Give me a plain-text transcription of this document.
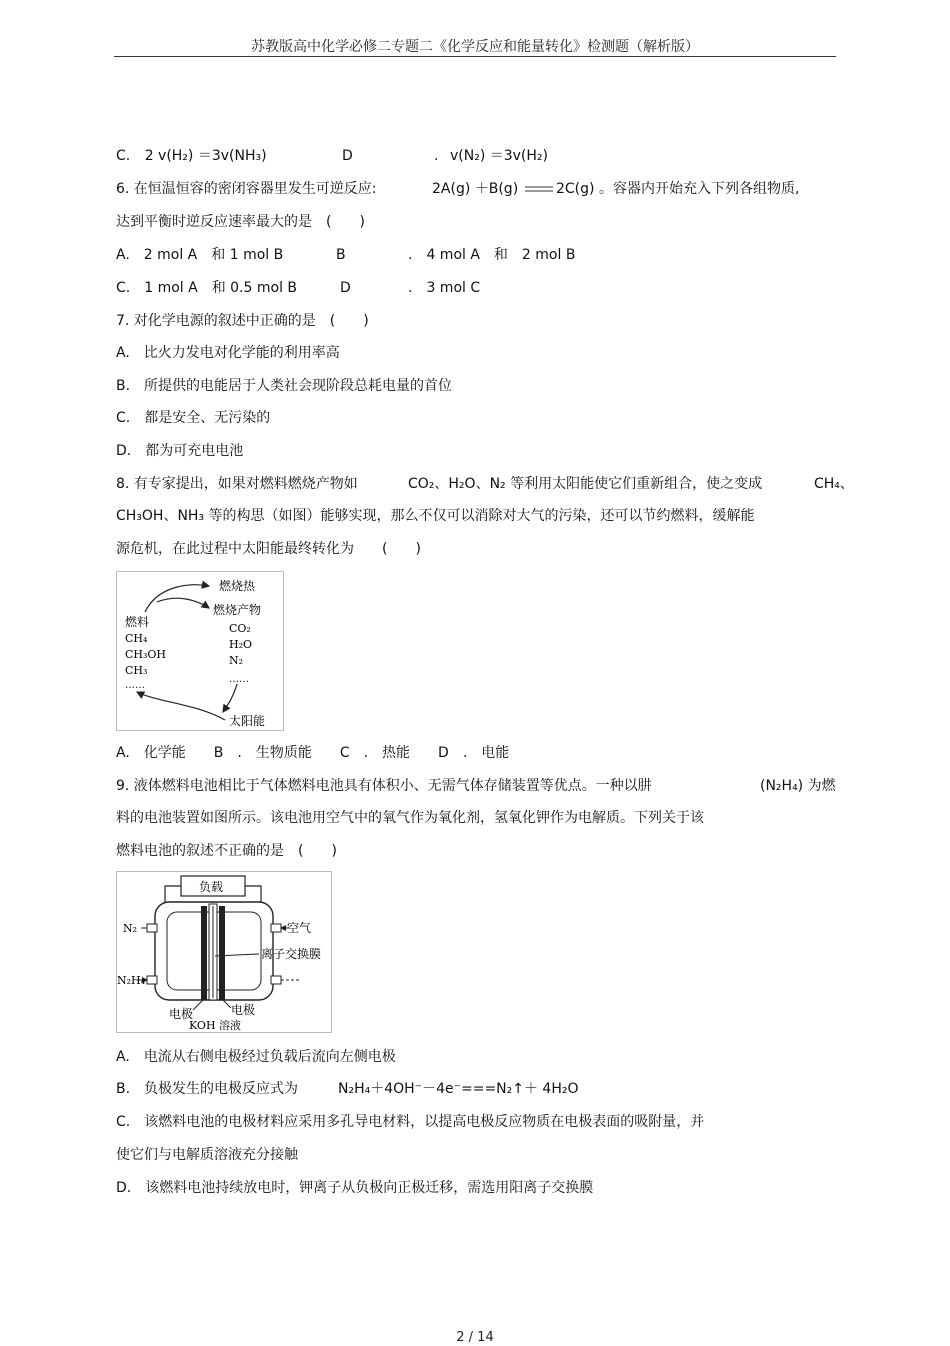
苏教版高中化学必修二专题二《化学反应和能量转化》检测题（解析版）
C. 2 v(H₂) ＝3v(NH₃)	D	. v(N₂) ＝3v(H₂)
6. 在恒温恒容的密闭容器里发生可逆反应:	2A(g) ＋B(g)	2C(g) 。容器内开始充入下列各组物质,
达到平衡时逆反应速率最大的是　(　　)
A.　2 mol A　和 1 mol B	B	.　4 mol A　和　2 mol B
C.　1 mol A　和 0.5 mol B	D	.　3 mol C
7. 对化学电源的叙述中正确的是　(　　)
A.　比火力发电对化学能的利用率高
B.　所提供的电能居于人类社会现阶段总耗电量的首位
C.　都是安全、无污染的
D.　都为可充电电池
8. 有专家提出，如果对燃料燃烧产物如	CO₂、H₂O、N₂ 等利用太阳能使它们重新组合，使之变成	CH₄、
CH₃OH、NH₃ 等的构思（如图）能够实现，那么不仅可以消除对大气的污染，还可以节约燃料，缓解能
源危机，在此过程中太阳能最终转化为　　(　　)
燃烧热
燃烧产物
燃料
CH₄
CH₃OH
CH₃
……
CO₂
H₂O
N₂
……
太阳能
A.　化学能　　B　.　生物质能　　C　.　热能　　D　.　电能
9. 液体燃料电池相比于气体燃料电池具有体积小、无需气体存储装置等优点。一种以肼	(N₂H₄) 为燃
料的电池装置如图所示。该电池用空气中的氧气作为氧化剂，氢氧化钾作为电解质。下列关于该
燃料电池的叙述不正确的是　(　　)
负载
N₂
N₂H₄
空气
离子交换膜
电极	电极
KOH 溶液
A.　电流从右侧电极经过负载后流向左侧电极
B.　负极发生的电极反应式为	N₂H₄＋4OH⁻－4e⁻===N₂↑＋ 4H₂O
C.　该燃料电池的电极材料应采用多孔导电材料，以提高电极反应物质在电极表面的吸附量，并
使它们与电解质溶液充分接触
D.　该燃料电池持续放电时，钾离子从负极向正极迁移，需选用阳离子交换膜
2 / 14
